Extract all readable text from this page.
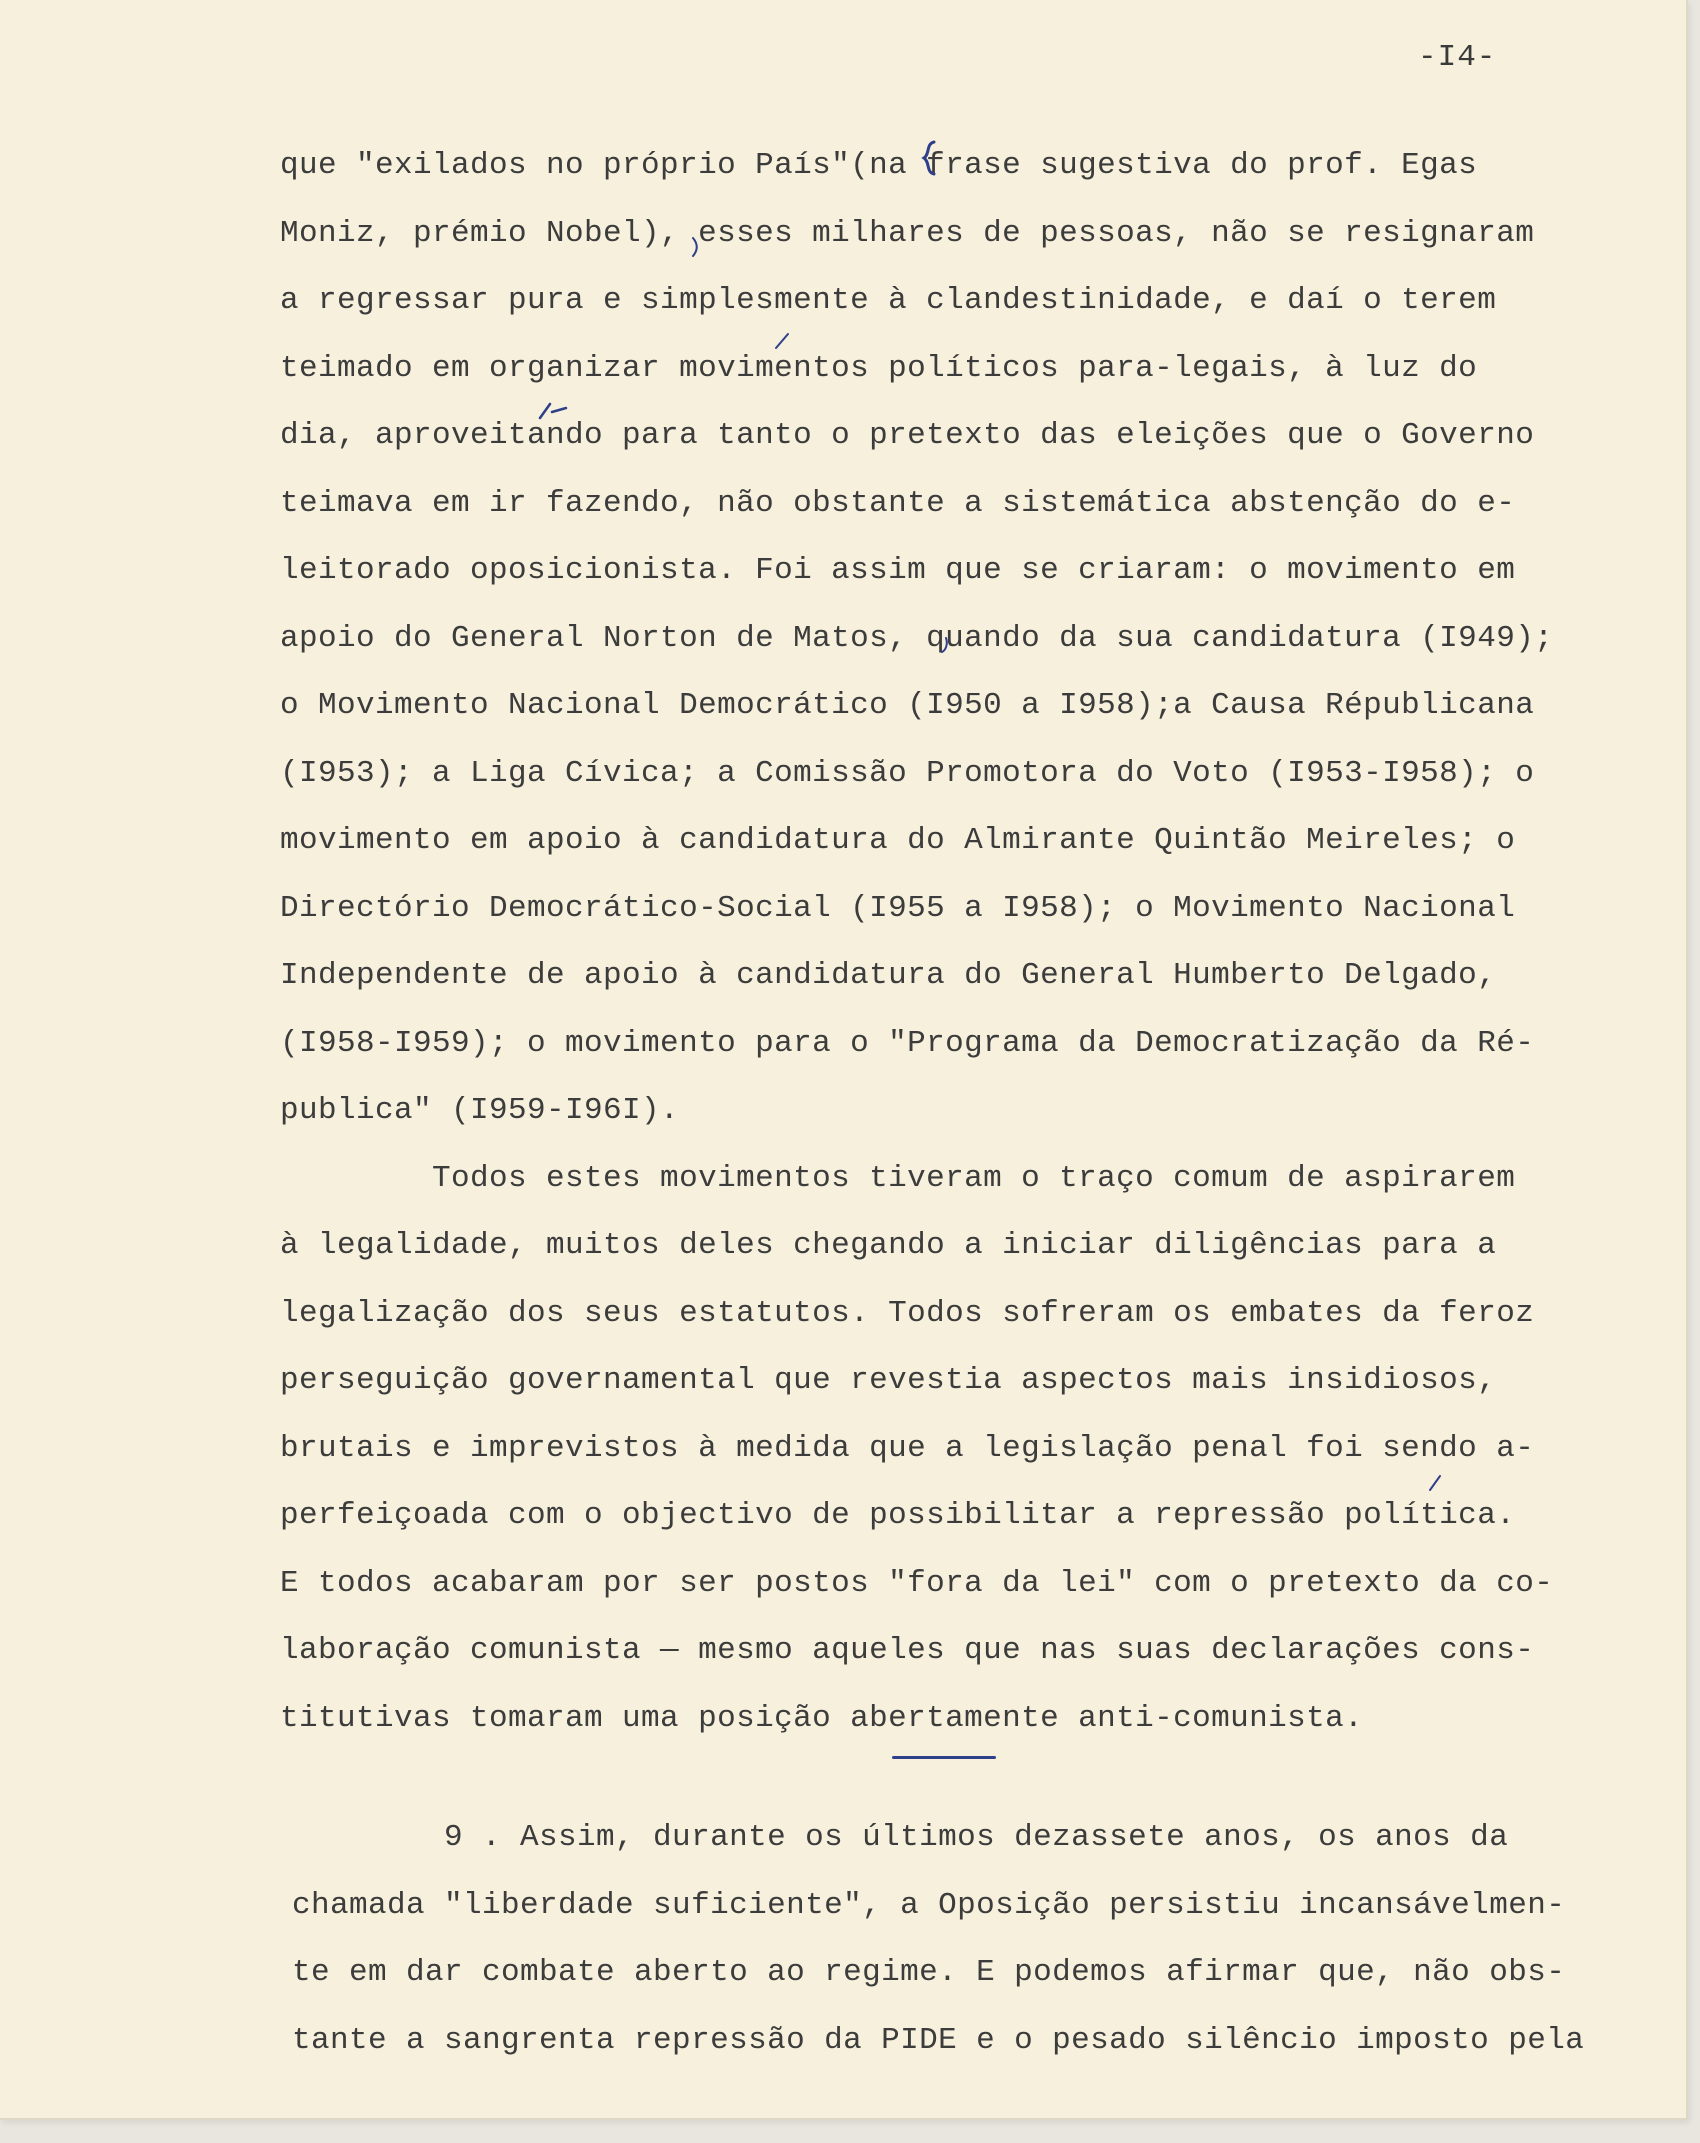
-I4-
que "exilados no próprio País"(na frase sugestiva do prof. Egas
Moniz, prémio Nobel), esses milhares de pessoas, não se resignaram
a regressar pura e simplesmente à clandestinidade, e daí o terem
teimado em organizar movimentos políticos para-legais, à luz do
dia, aproveitando para tanto o pretexto das eleições que o Governo
teimava em ir fazendo, não obstante a sistemática abstenção do e-
leitorado oposicionista. Foi assim que se criaram: o movimento em
apoio do General Norton de Matos, quando da sua candidatura (I949);
o Movimento Nacional Democrático (I950 a I958);a Causa Républicana
(I953); a Liga Cívica; a Comissão Promotora do Voto (I953-I958); o
movimento em apoio à candidatura do Almirante Quintão Meireles; o
Directório Democrático-Social (I955 a I958); o Movimento Nacional
Independente de apoio à candidatura do General Humberto Delgado,
(I958-I959); o movimento para o "Programa da Democratização da Ré-
publica" (I959-I96I).
Todos estes movimentos tiveram o traço comum de aspirarem
à legalidade, muitos deles chegando a iniciar diligências para a
legalização dos seus estatutos. Todos sofreram os embates da feroz
perseguição governamental que revestia aspectos mais insidiosos,
brutais e imprevistos à medida que a legislação penal foi sendo a-
perfeiçoada com o objectivo de possibilitar a repressão política.
E todos acabaram por ser postos "fora da lei" com o pretexto da co-
laboração comunista — mesmo aqueles que nas suas declarações cons-
titutivas tomaram uma posição abertamente anti-comunista.
9 . Assim, durante os últimos dezassete anos, os anos da
chamada "liberdade suficiente", a Oposição persistiu incansávelmen-
te em dar combate aberto ao regime. E podemos afirmar que, não obs-
tante a sangrenta repressão da PIDE e o pesado silêncio imposto pela
